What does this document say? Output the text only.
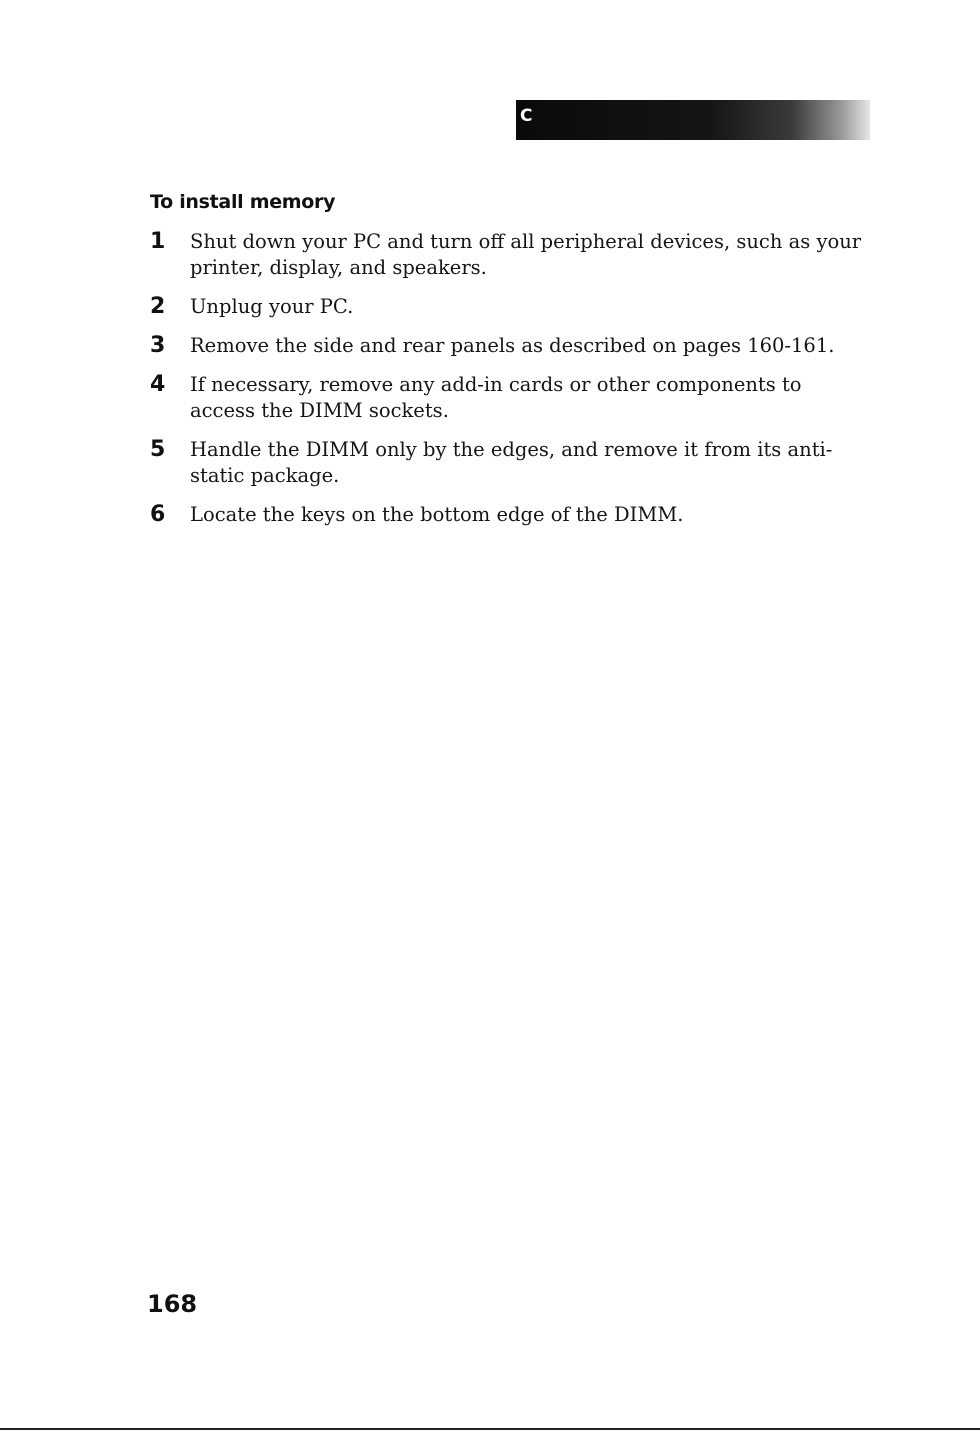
C
To install memory
1 Shut down your PC and turn off all peripheral devices, such as your printer, display, and speakers.
2 Unplug your PC.
3 Remove the side and rear panels as described on pages 160-161.
4 If necessary, remove any add-in cards or other components to access the DIMM sockets.
5 Handle the DIMM only by the edges, and remove it from its anti-static package.
6 Locate the keys on the bottom edge of the DIMM.
168
